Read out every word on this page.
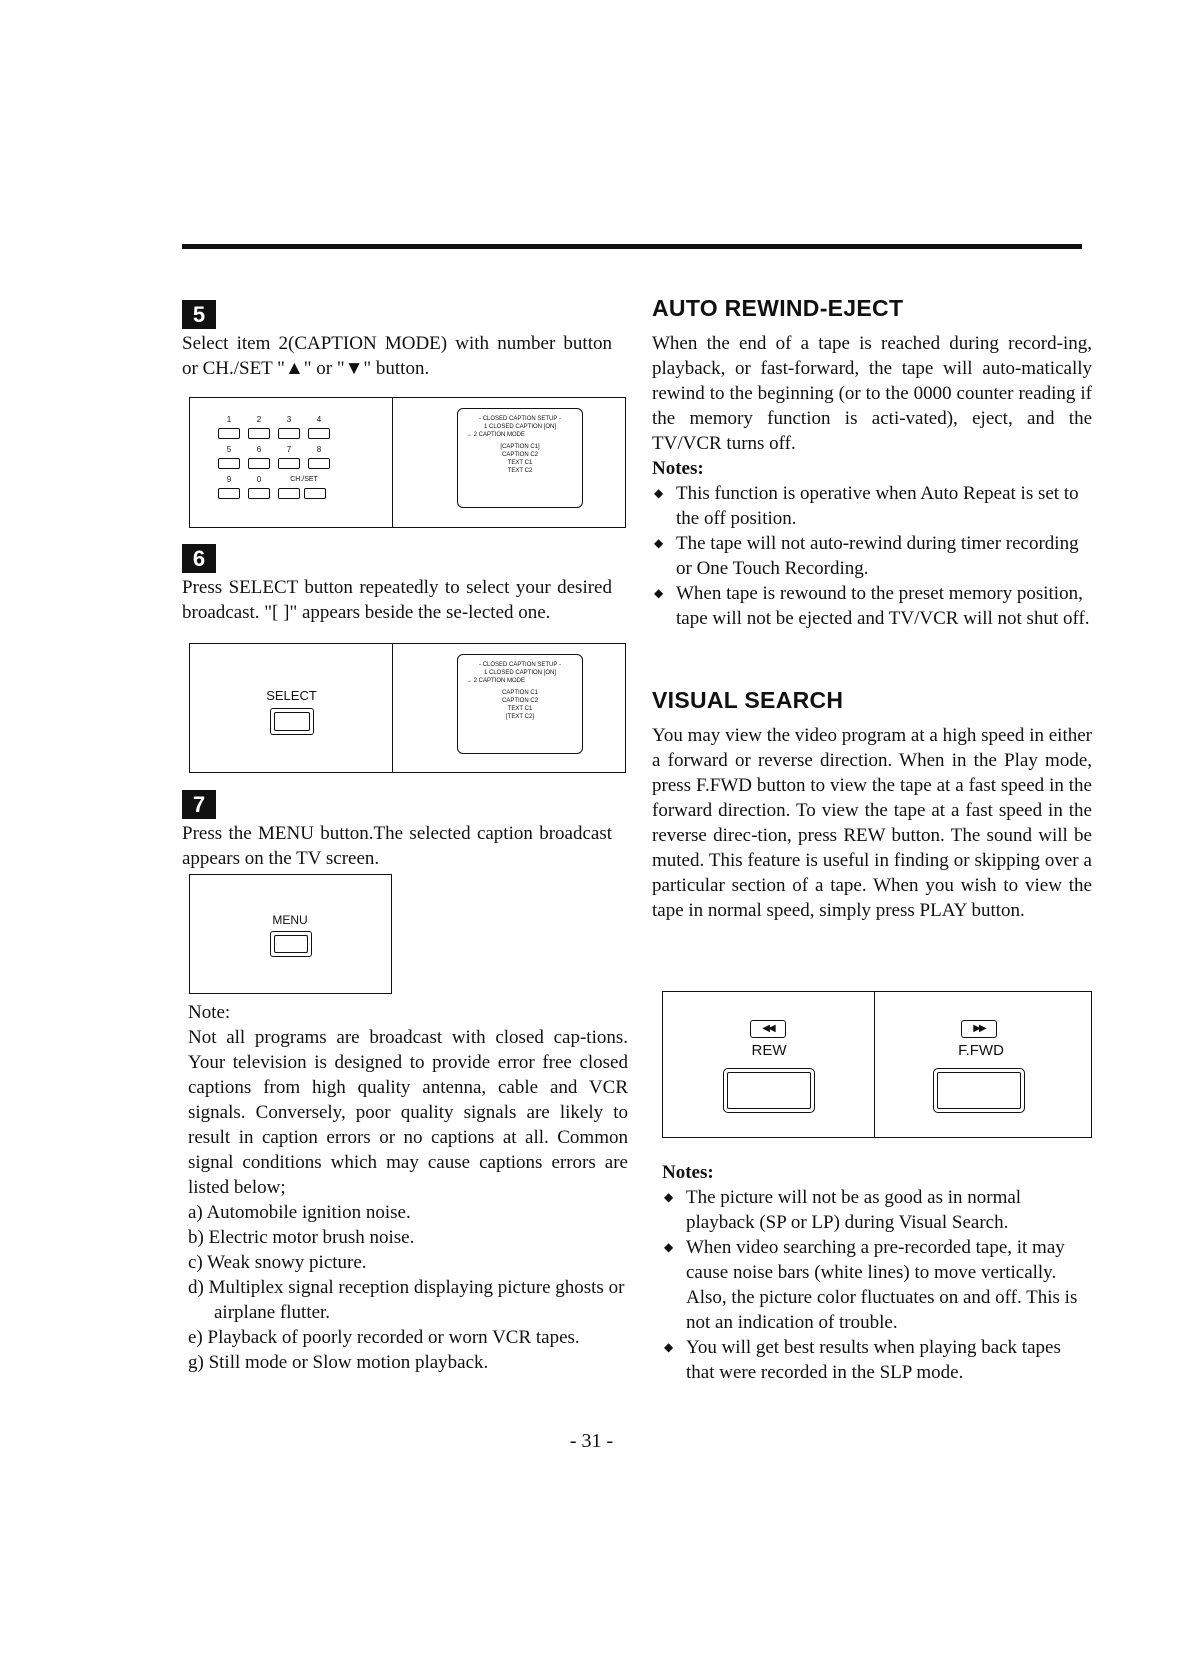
5

Select item 2(CAPTION MODE) with number button or CH./SET "▲" or "▼" button.

1	2	3	4
5	6	7	8
9	0	CH./SET
- CLOSED CAPTION SETUP -
1 CLOSED CAPTION [ON]
→ 2 CAPTION MODE
[CAPTION C1]
CAPTION C2
TEXT C1
TEXT C2
6

Press SELECT button repeatedly to select your desired broadcast. "[ ]" appears beside the se-lected one.

SELECT
- CLOSED CAPTION SETUP -
1 CLOSED CAPTION [ON]
→ 2 CAPTION MODE
CAPTION C1
CAPTION C2
TEXT C1
[TEXT C2]
7

Press the MENU button.The selected caption broadcast appears on the TV screen.

MENU
Note:

Not all programs are broadcast with closed cap-tions. Your television is designed to provide error free closed captions from high quality antenna, cable and VCR signals. Conversely, poor quality signals are likely to result in caption errors or no captions at all. Common signal conditions which may cause captions errors are listed below;

a) Automobile ignition noise.
b) Electric motor brush noise.
c) Weak snowy picture.
d) Multiplex signal reception displaying picture ghosts or airplane flutter.
e) Playback of poorly recorded or worn VCR tapes.
g) Still mode or Slow motion playback.
AUTO REWIND-EJECT

When the end of a tape is reached during record-ing, playback, or fast-forward, the tape will auto-matically rewind to the beginning (or to the 0000 counter reading if the memory function is acti-vated), eject, and the TV/VCR turns off.

Notes:
◆ This function is operative when Auto Repeat is set to the off position.
◆ The tape will not auto-rewind during timer recording or One Touch Recording.
◆ When tape is rewound to the preset memory position, tape will not be ejected and TV/VCR will not shut off.
VISUAL SEARCH

You may view the video program at a high speed in either a forward or reverse direction. When in the Play mode, press F.FWD button to view the tape at a fast speed in the forward direction. To view the tape at a fast speed in the reverse direc-tion, press REW button. The sound will be muted. This feature is useful in finding or skipping over a particular section of a tape. When you wish to view the tape in normal speed, simply press PLAY button.

◀◀
REW
▶▶
F.FWD
Notes:
◆ The picture will not be as good as in normal playback (SP or LP) during Visual Search.
◆ When video searching a pre-recorded tape, it may cause noise bars (white lines) to move vertically. Also, the picture color fluctuates on and off. This is not an indication of trouble.
◆ You will get best results when playing back tapes that were recorded in the SLP mode.
- 31 -
